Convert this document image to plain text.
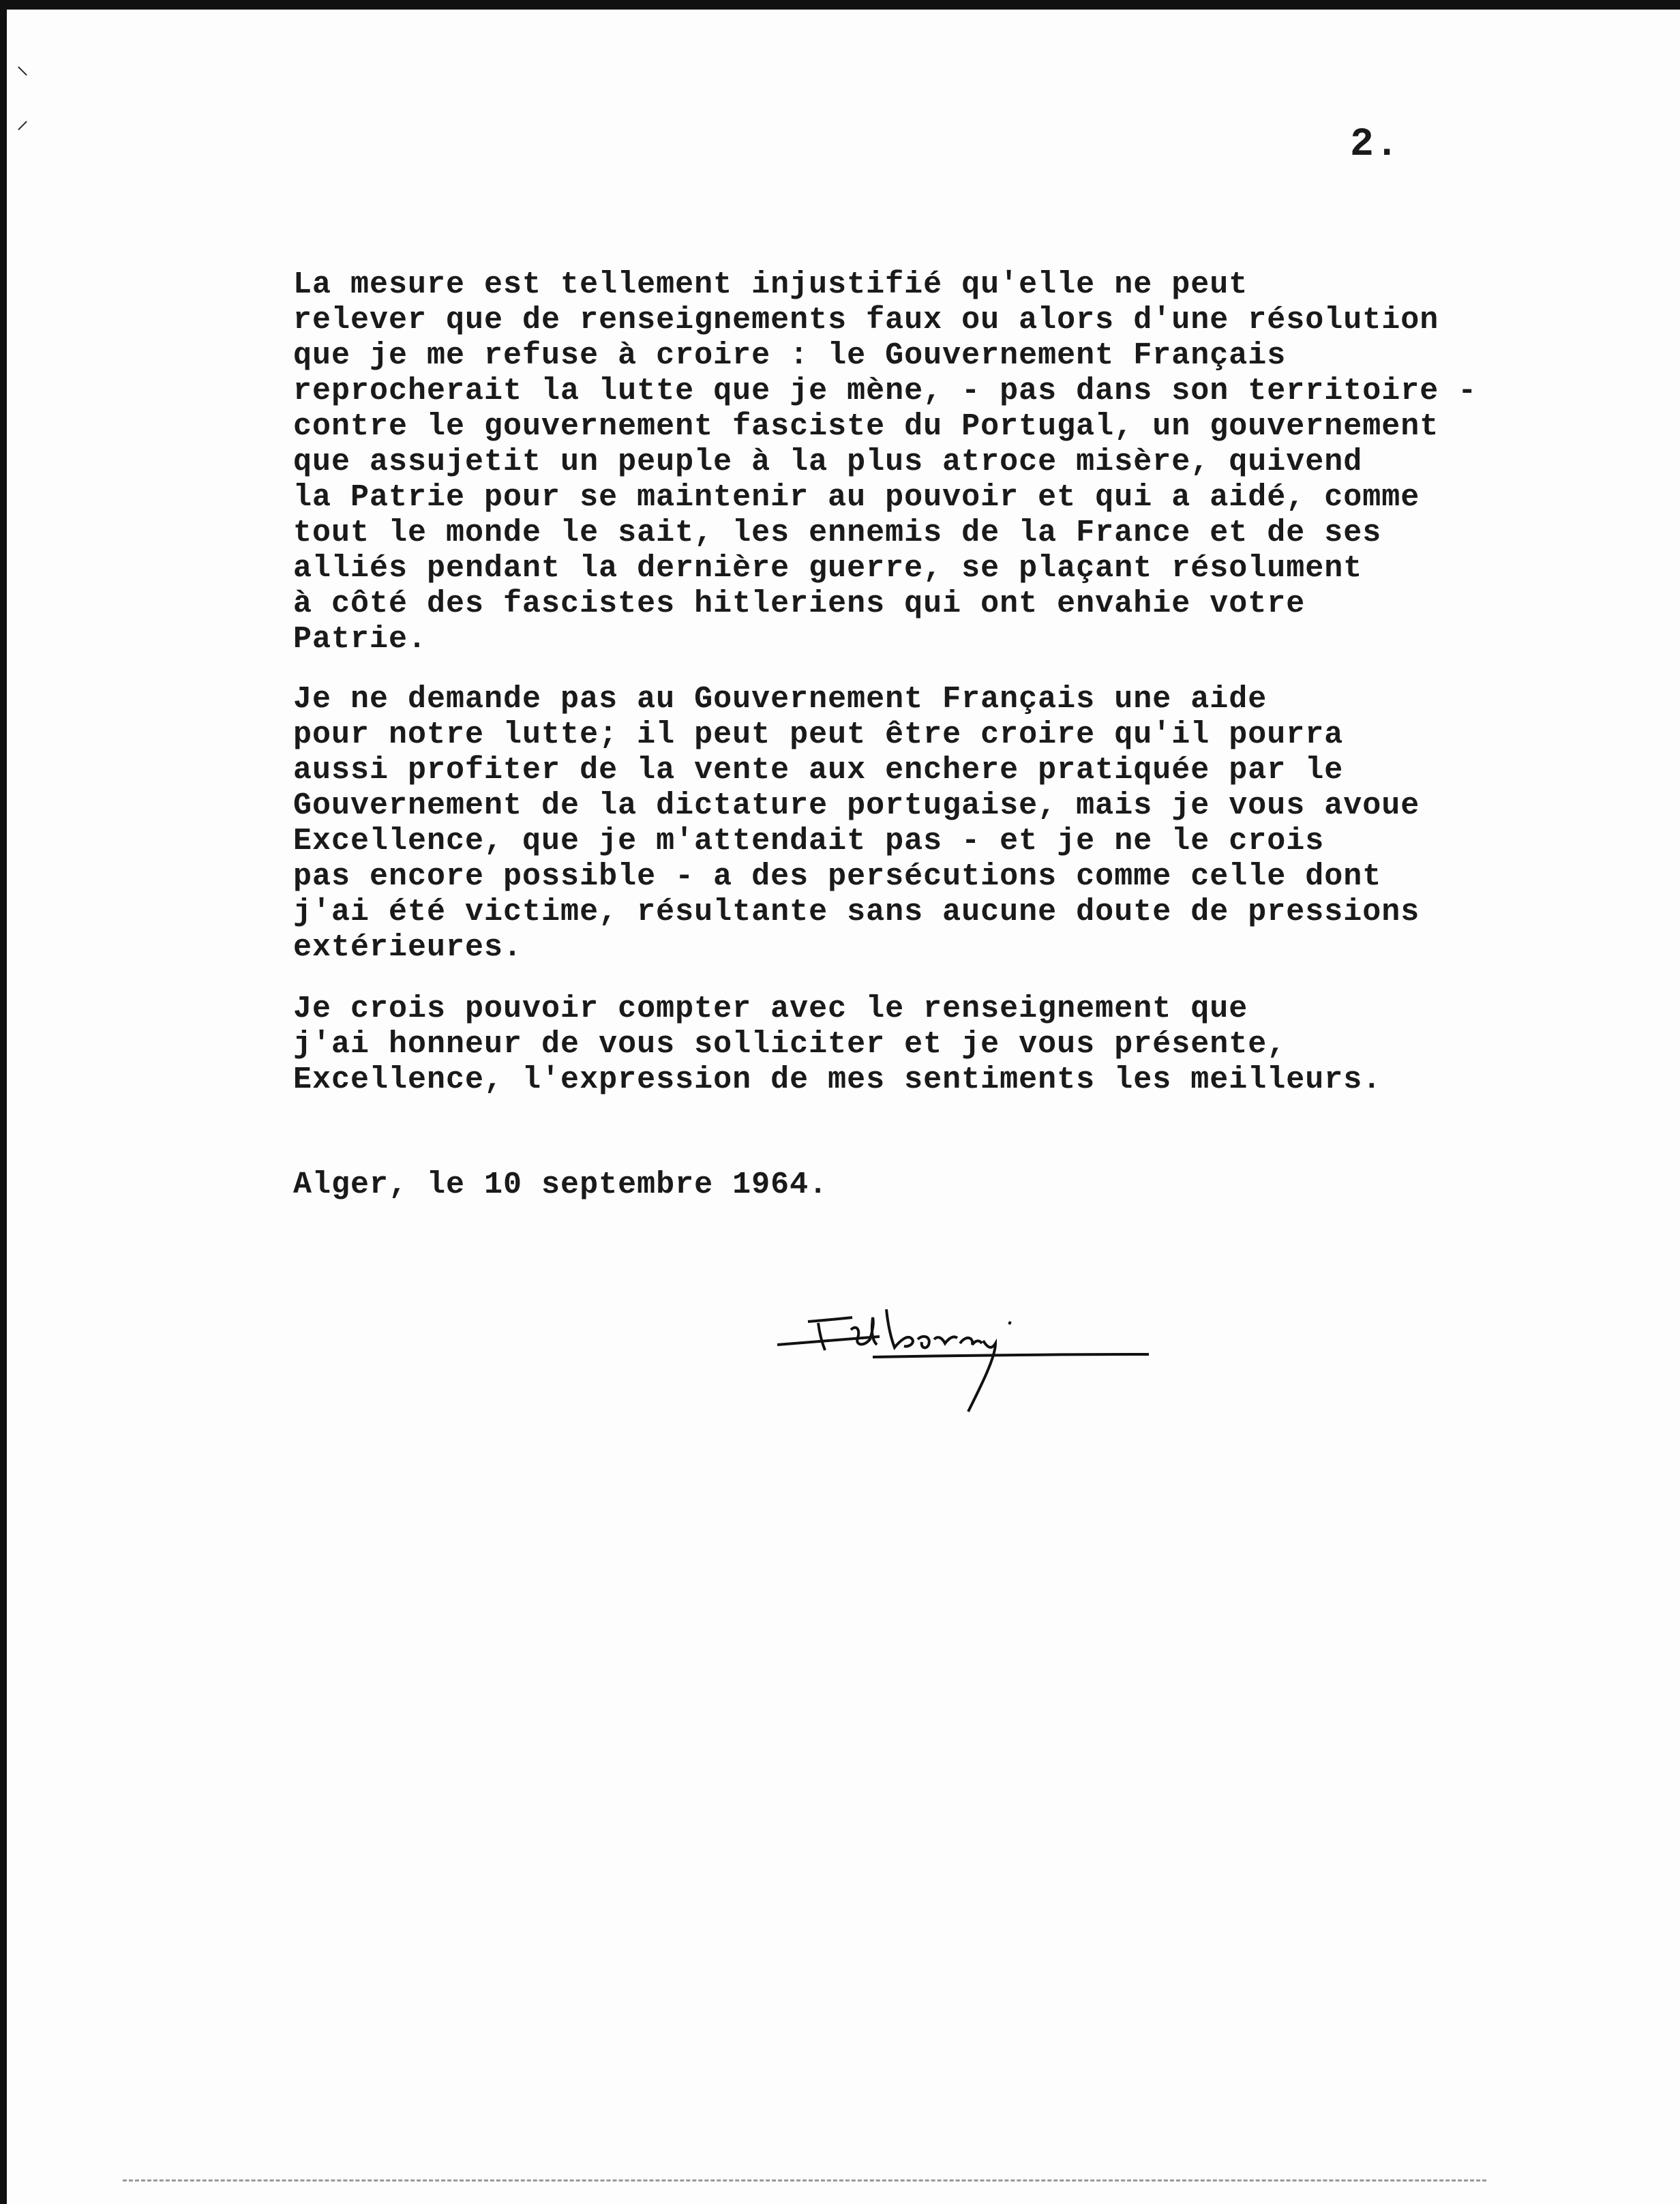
⸜
⸝
2.
La mesure est tellement injustifié qu'elle ne peut
relever que de renseignements faux ou alors d'une résolution
que je me refuse à croire : le Gouvernement Français
reprocherait la lutte que je mène, - pas dans son territoire -
contre le gouvernement fasciste du Portugal, un gouvernement
que assujetit un peuple à la plus atroce misère, quivend
la Patrie pour se maintenir au pouvoir et qui a aidé, comme
tout le monde le sait, les ennemis de la France et de ses
alliés pendant la dernière guerre, se plaçant résolument
à côté des fascistes hitleriens qui ont envahie votre
Patrie.
Je ne demande pas au Gouvernement Français une aide
pour notre lutte; il peut peut être croire qu'il pourra
aussi profiter de la vente aux enchere pratiquée par le
Gouvernement de la dictature portugaise, mais je vous avoue
Excellence, que je m'attendait pas - et je ne le crois
pas encore possible - a des persécutions comme celle dont
j'ai été victime, résultante sans aucune doute de pressions
extérieures.
Je crois pouvoir compter avec le renseignement que
j'ai honneur de vous solliciter et je vous présente,
Excellence, l'expression de mes sentiments les meilleurs.
Alger, le 10 septembre 1964.
